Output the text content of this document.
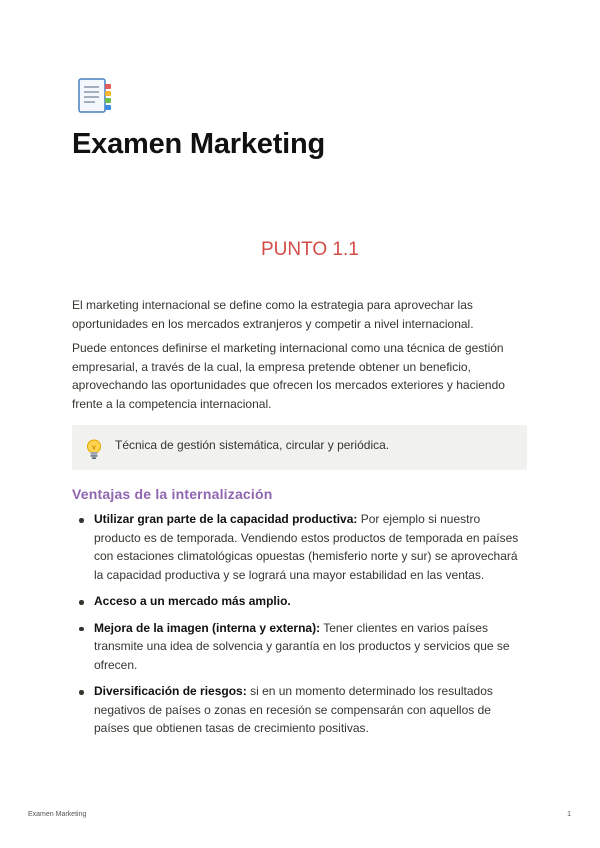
Examen Marketing
PUNTO 1.1

El marketing internacional se define como la estrategia para aprovechar las oportunidades en los mercados extranjeros y competir a nivel internacional.

Puede entonces definirse el marketing internacional como una técnica de gestión empresarial, a través de la cual, la empresa pretende obtener un beneficio, aprovechando las oportunidades que ofrecen los mercados exteriores y haciendo frente a la competencia internacional.

Técnica de gestión sistemática, circular y periódica.
Ventajas de la internalización
Utilizar gran parte de la capacidad productiva: Por ejemplo si nuestro producto es de temporada. Vendiendo estos productos de temporada en países con estaciones climatológicas opuestas (hemisferio norte y sur) se aprovechará la capacidad productiva y se logrará una mayor estabilidad en las ventas.
Acceso a un mercado más amplio.
Mejora de la imagen (interna y externa): Tener clientes en varios países transmite una idea de solvencia y garantía en los productos y servicios que se ofrecen.
Diversificación de riesgos: si en un momento determinado los resultados negativos de países o zonas en recesión se compensarán con aquellos de países que obtienen tasas de crecimiento positivas.
Examen Marketing	1
